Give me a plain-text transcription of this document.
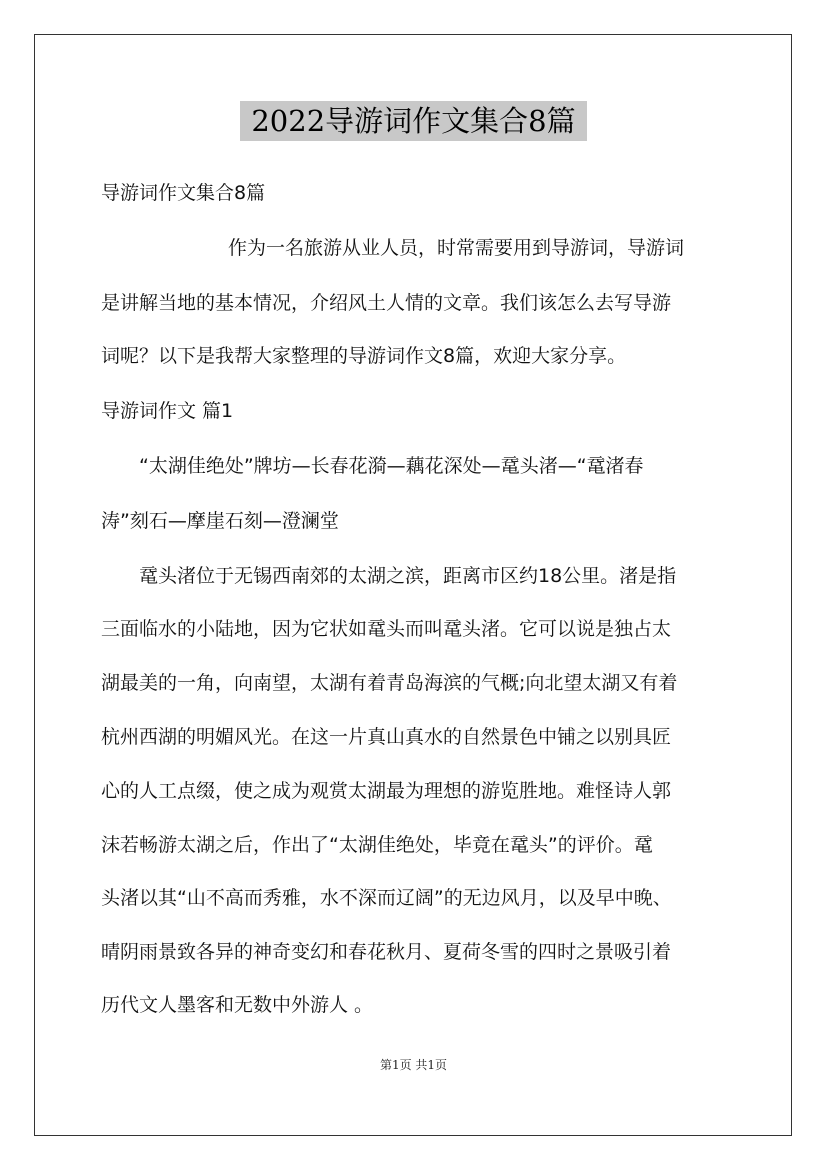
2022导游词作文集合8篇
导游词作文集合8篇
作为一名旅游从业人员，时常需要用到导游词，导游词
是讲解当地的基本情况，介绍风土人情的文章。我们该怎么去写导游
词呢？以下是我帮大家整理的导游词作文8篇，欢迎大家分享。
导游词作文 篇1
“太湖佳绝处”牌坊—长春花漪—藕花深处—鼋头渚—“鼋渚春
涛”刻石—摩崖石刻—澄澜堂
鼋头渚位于无锡西南郊的太湖之滨，距离市区约18公里。渚是指
三面临水的小陆地，因为它状如鼋头而叫鼋头渚。它可以说是独占太
湖最美的一角，向南望，太湖有着青岛海滨的气概;向北望太湖又有着
杭州西湖的明媚风光。在这一片真山真水的自然景色中铺之以别具匠
心的人工点缀，使之成为观赏太湖最为理想的游览胜地。难怪诗人郭
沫若畅游太湖之后，作出了“太湖佳绝处，毕竟在鼋头”的评价。鼋
头渚以其“山不高而秀雅，水不深而辽阔”的无边风月，以及早中晚、
晴阴雨景致各异的神奇变幻和春花秋月、夏荷冬雪的四时之景吸引着
历代文人墨客和无数中外游人 。
第1页 共1页
